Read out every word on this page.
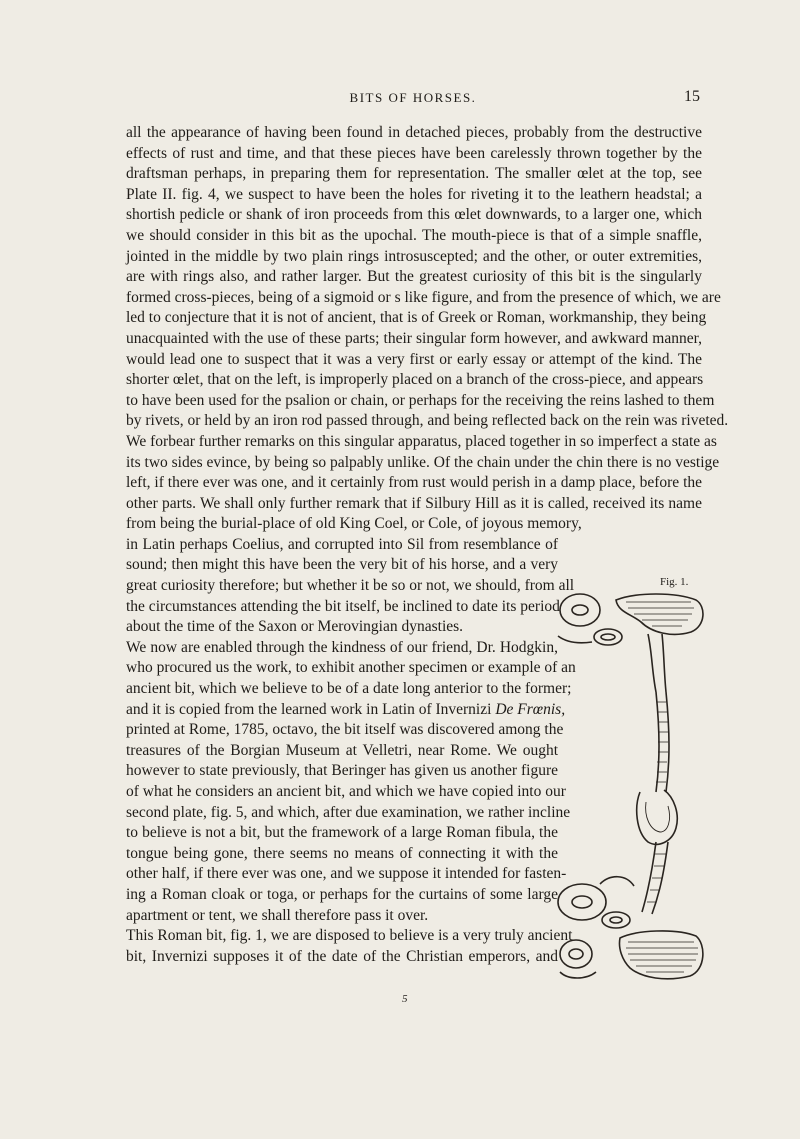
BITS OF HORSES.	15

all the appearance of having been found in detached pieces, probably from the destructive
effects of rust and time, and that these pieces have been carelessly thrown together by the
draftsman perhaps, in preparing them for representation. The smaller œlet at the top, see
Plate II. fig. 4, we suspect to have been the holes for riveting it to the leathern headstal; a
shortish pedicle or shank of iron proceeds from this œlet downwards, to a larger one, which
we should consider in this bit as the upochal. The mouth-piece is that of a simple snaffle,
jointed in the middle by two plain rings introsuscepted; and the other, or outer extremities,
are with rings also, and rather larger. But the greatest curiosity of this bit is the singularly
formed cross-pieces, being of a sigmoid or s like figure, and from the presence of which, we are
led to conjecture that it is not of ancient, that is of Greek or Roman, workmanship, they being
unacquainted with the use of these parts; their singular form however, and awkward manner,
would lead one to suspect that it was a very first or early essay or attempt of the kind. The
shorter œlet, that on the left, is improperly placed on a branch of the cross-piece, and appears
to have been used for the psalion or chain, or perhaps for the receiving the reins lashed to them
by rivets, or held by an iron rod passed through, and being reflected back on the rein was riveted.

We forbear further remarks on this singular apparatus, placed together in so imperfect a state as
its two sides evince, by being so palpably unlike. Of the chain under the chin there is no vestige
left, if there ever was one, and it certainly from rust would perish in a damp place, before the
other parts. We shall only further remark that if Silbury Hill as it is called, received its name

from being the burial-place of old King Coel, or Cole, of joyous memory,
in Latin perhaps Coelius, and corrupted into Sil from resemblance of
sound; then might this have been the very bit of his horse, and a very
great curiosity therefore; but whether it be so or not, we should, from all
the circumstances attending the bit itself, be inclined to date its period
about the time of the Saxon or Merovingian dynasties.

We now are enabled through the kindness of our friend, Dr. Hodgkin,
who procured us the work, to exhibit another specimen or example of an
ancient bit, which we believe to be of a date long anterior to the former;
and it is copied from the learned work in Latin of Invernizi De Frœnis,
printed at Rome, 1785, octavo, the bit itself was discovered among the
treasures of the Borgian Museum at Velletri, near Rome. We ought
however to state previously, that Beringer has given us another figure
of what he considers an ancient bit, and which we have copied into our
second plate, fig. 5, and which, after due examination, we rather incline
to believe is not a bit, but the framework of a large Roman fibula, the
tongue being gone, there seems no means of connecting it with the
other half, if there ever was one, and we suppose it intended for fasten-
ing a Roman cloak or toga, or perhaps for the curtains of some large
apartment or tent, we shall therefore pass it over.

This Roman bit, fig. 1, we are disposed to believe is a very truly ancient
bit, Invernizi supposes it of the date of the Christian emperors, and

Fig. 1.
5
